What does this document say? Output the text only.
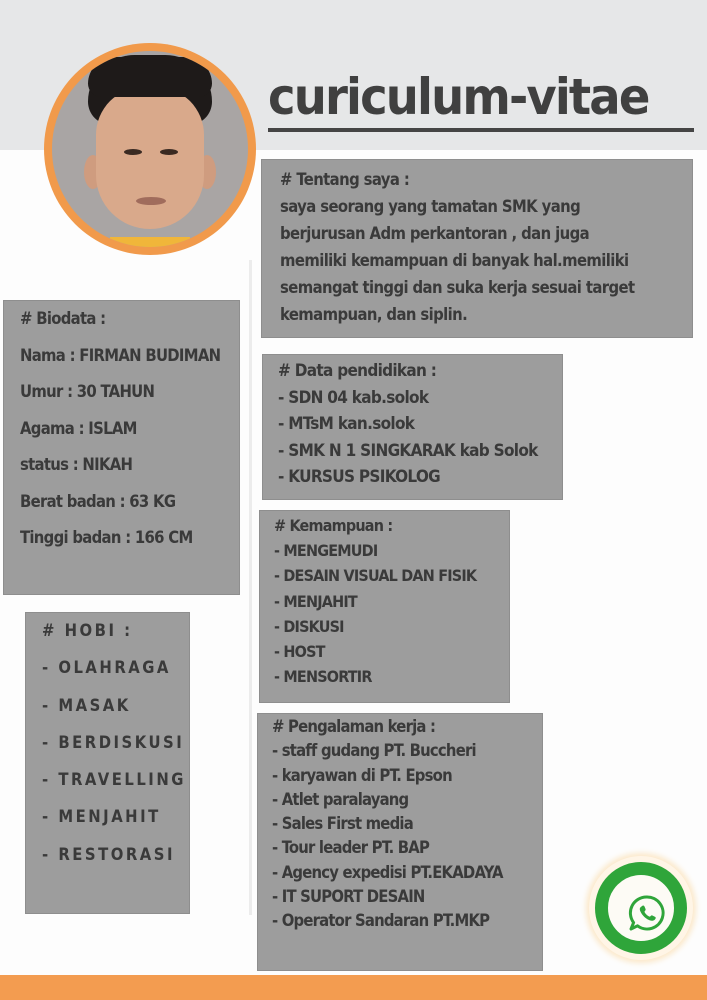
curiculum-vitae
# Tentang saya :
saya seorang yang tamatan SMK yang
berjurusan Adm perkantoran , dan juga
memiliki kemampuan di banyak hal.memiliki
semangat tinggi dan suka kerja sesuai target
kemampuan, dan siplin.
# Biodata :
Nama : FIRMAN BUDIMAN
Umur : 30 TAHUN
Agama : ISLAM
status : NIKAH
Berat badan : 63 KG
Tinggi badan : 166 CM
# HOBI :
- OLAHRAGA
- MASAK
- BERDISKUSI
- TRAVELLING
- MENJAHIT
- RESTORASI
# Data pendidikan :
- SDN 04 kab.solok
- MTsM kan.solok
- SMK N 1 SINGKARAK kab Solok
- KURSUS PSIKOLOG
# Kemampuan :
- MENGEMUDI
- DESAIN VISUAL DAN FISIK
- MENJAHIT
- DISKUSI
- HOST
- MENSORTIR
# Pengalaman kerja :
- staff gudang PT. Buccheri
- karyawan di PT. Epson
- Atlet paralayang
- Sales First media
- Tour leader PT. BAP
- Agency expedisi PT.EKADAYA
- IT SUPORT DESAIN
- Operator Sandaran PT.MKP
